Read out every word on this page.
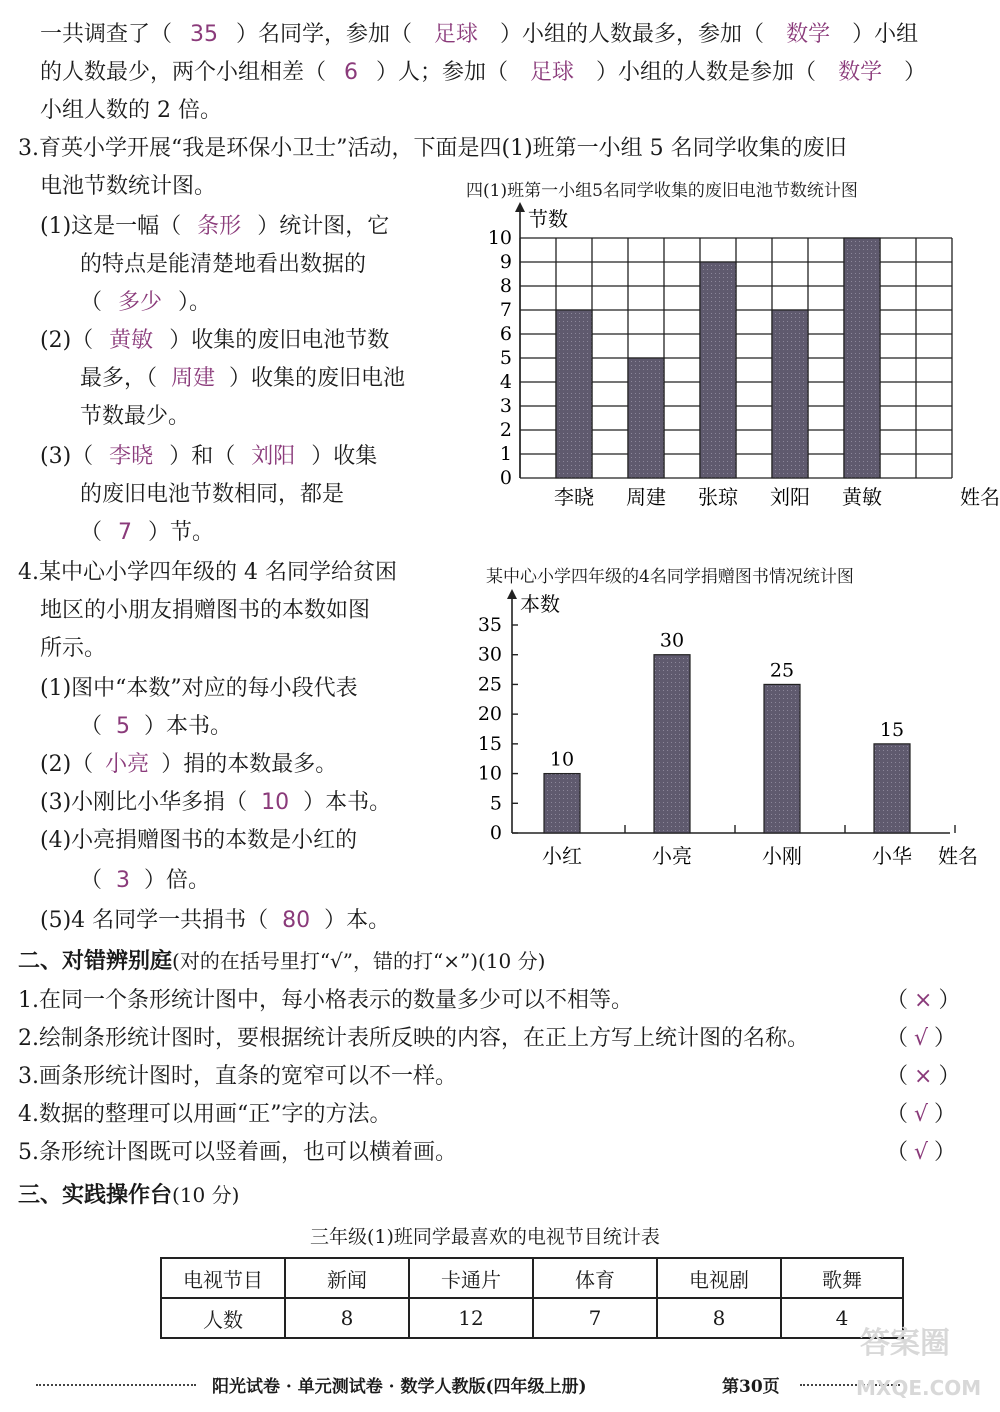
一共调查了（ 35 ）名同学，参加（ 足球 ）小组的人数最多，参加（ 数学 ）小组
的人数最少，两个小组相差（ 6 ）人；参加（ 足球 ）小组的人数是参加（ 数学 ）
小组人数的 2 倍。
3.育英小学开展“我是环保小卫士”活动，下面是四(1)班第一小组 5 名同学收集的废旧
电池节数统计图。	四(1)班第一小组5名同学收集的废旧电池节数统计图
(1)这是一幅（ 条形 ）统计图，它
的特点是能清楚地看出数据的
（ 多少 ）。
(2)（ 黄敏 ）收集的废旧电池节数
最多，（ 周建 ）收集的废旧电池
节数最少。
(3)（ 李晓 ）和（ 刘阳 ）收集
的废旧电池节数相同，都是
（ 7 ）节。
0
1
2
3
4
5
6
7
8
9
10
节数
李晓 周建 张琼 刘阳 黄敏	姓名
4.某中心小学四年级的 4 名同学给贫困	某中心小学四年级的4名同学捐赠图书情况统计图
地区的小朋友捐赠图书的本数如图
所示。
(1)图中“本数”对应的每小段代表
（ 5 ）本书。
(2)（ 小亮 ）捐的本数最多。
(3)小刚比小华多捐（ 10 ）本书。
(4)小亮捐赠图书的本数是小红的
（ 3 ）倍。
(5)4 名同学一共捐书（ 80 ）本。
本数
0
5
10
15
20
25
30
35
10
小红
30
小亮
25
小刚
15
小华 姓名
二、对错辨别庭(对的在括号里打“√”，错的打“×”)(10 分)
1.在同一个条形统计图中，每小格表示的数量多少可以不相等。	（ × ）
2.绘制条形统计图时，要根据统计表所反映的内容，在正上方写上统计图的名称。	（ √ ）
3.画条形统计图时，直条的宽窄可以不一样。	（ × ）
4.数据的整理可以用画“正”字的方法。	（ √ ）
5.条形统计图既可以竖着画，也可以横着画。	（ √ ）
三、实践操作台(10 分)
三年级(1)班同学最喜欢的电视节目统计表
电视节目	新闻	卡通片	体育	电视剧	歌舞
人数	8	12	7	8	4
阳光试卷 · 单元测试卷 · 数学人教版(四年级上册)	第30页
答案圈
MXQE.COM
